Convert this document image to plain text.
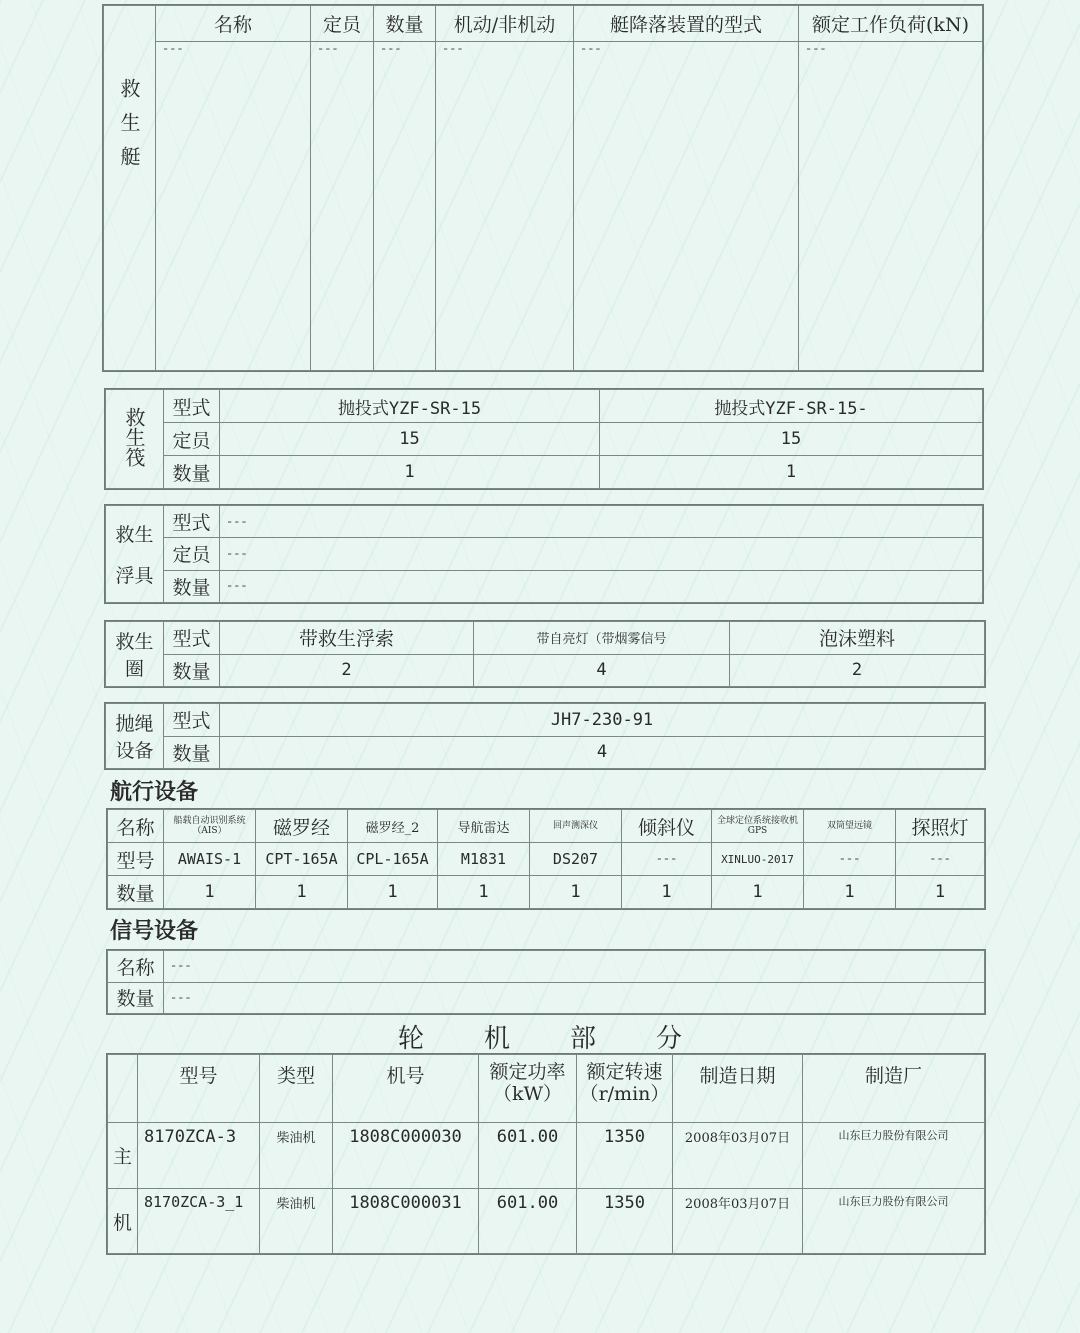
救生艇	名称	定员	数量	机动/非机动	艇降落装置的型式	额定工作负荷(kN)
	---	---	---	---	---	---
救生筏	型式	抛投式YZF-SR-15	抛投式YZF-SR-15-
	定员	15	15
	数量	1	1
救生
浮具	型式	---
	定员	---
	数量	---
救生
圈	型式	带救生浮索	带自亮灯（带烟雾信号	泡沫塑料
	数量	2	4	2
抛绳
设备	型式	JH7-230-91
	数量	4
航行设备
名称	船载自动识别系统（AIS）	磁罗经	磁罗经_2	导航雷达	回声测深仪	倾斜仪	全球定位系统接收机GPS	双筒望远镜	探照灯
型号	AWAIS-1	CPT-165A	CPL-165A	M1831	DS207	---	XINLUO-2017	---	---
数量	1	1	1	1	1	1	1	1	1
信号设备
名称	---
数量	---
轮机部分
	型号	类型	机号	额定功率（kW）	额定转速（r/min）	制造日期	制造厂
主	8170ZCA-3	柴油机	1808C000030	601.00	1350	2008年03月07日	山东巨力股份有限公司
机	8170ZCA-3_1	柴油机	1808C000031	601.00	1350	2008年03月07日	山东巨力股份有限公司
